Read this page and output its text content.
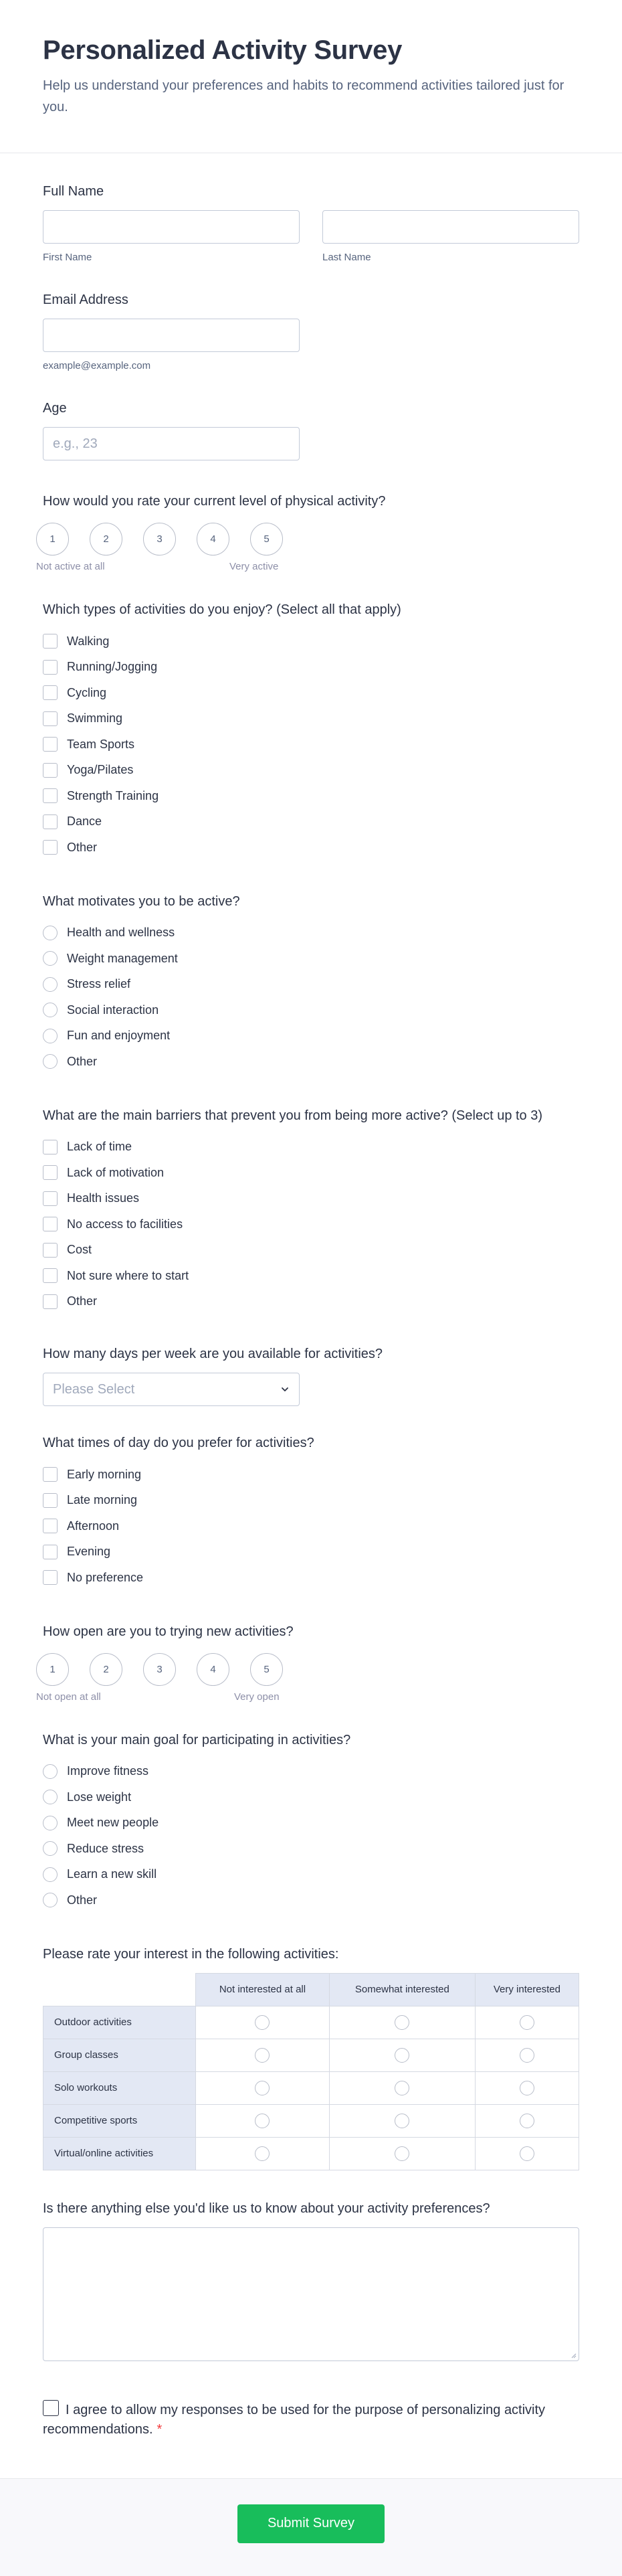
Personalized Activity Survey

Help us understand your preferences and habits to recommend activities tailored just for you.

Full Name
First Name	Last Name
Email Address
example@example.com
Age
e.g., 23
How would you rate your current level of physical activity?
1	2	3	4	5
Not active at all	Very active
Which types of activities do you enjoy? (Select all that apply)
Walking
Running/Jogging
Cycling
Swimming
Team Sports
Yoga/Pilates
Strength Training
Dance
Other
What motivates you to be active?
Health and wellness
Weight management
Stress relief
Social interaction
Fun and enjoyment
Other
What are the main barriers that prevent you from being more active? (Select up to 3)
Lack of time
Lack of motivation
Health issues
No access to facilities
Cost
Not sure where to start
Other
How many days per week are you available for activities?
Please Select
What times of day do you prefer for activities?
Early morning
Late morning
Afternoon
Evening
No preference
How open are you to trying new activities?
1	2	3	4	5
Not open at all	Very open
What is your main goal for participating in activities?
Improve fitness
Lose weight
Meet new people
Reduce stress
Learn a new skill
Other
Please rate your interest in the following activities:
	Not interested at all	Somewhat interested	Very interested
Outdoor activities			
Group classes			
Solo workouts			
Competitive sports			
Virtual/online activities			
Is there anything else you'd like us to know about your activity preferences?
I agree to allow my responses to be used for the purpose of personalizing activity recommendations. *
Submit Survey
